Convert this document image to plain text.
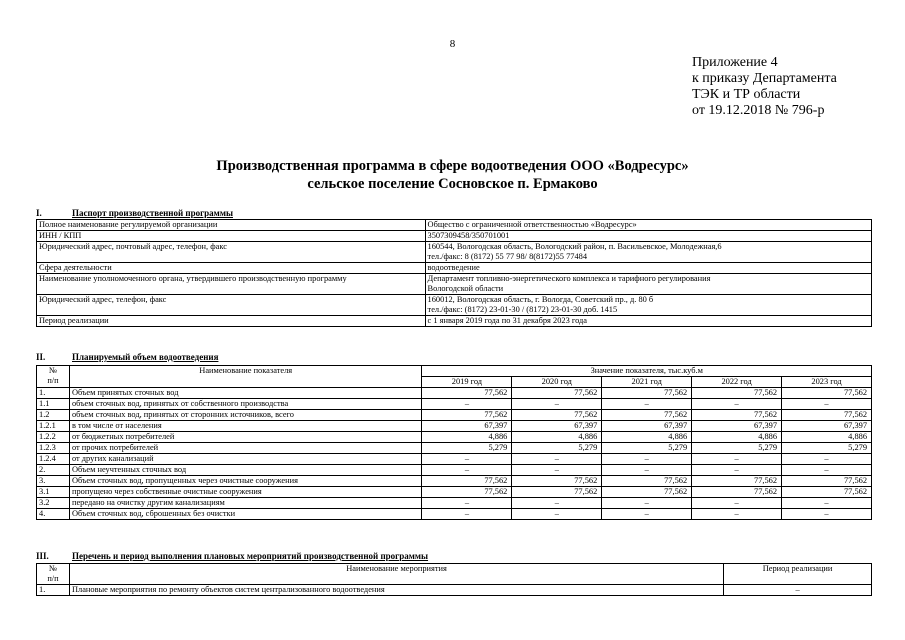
8
Приложение 4
к приказу Департамента
ТЭК и ТР области
от 19.12.2018 № 796-р
Производственная программа в сфере водоотведения ООО «Водресурс»
сельское поселение Сосновское п. Ермаково
I.	Паспорт производственной программы
Полное наименование регулируемой организации	Общество с ограниченной ответственностью «Водресурс»

ИНН / КПП	3507309458/350701001

Юридический адрес, почтовый адрес, телефон, факс	160544, Вологодская область, Вологодский район, п. Васильевское, Молодежная,6
тел./факс: 8 (8172) 55 77 98/ 8(8172)55 77484

Сфера деятельности	водоотведение

Наименование уполномоченного органа, утвердившего производственную программу	Департамент топливно-энергетического комплекса и тарифного регулирования
Вологодской области

Юридический адрес, телефон, факс	160012, Вологодская область, г. Вологда, Советский пр., д. 80 б
тел./факс: (8172) 23-01-30 / (8172) 23-01-30 доб. 1415

Период реализации	с 1 января 2019 года по 31 декабря 2023 года
II.	Планируемый объем водоотведения
№
п/п	Наименование показателя	Значение показателя, тыс.куб.м				
		2019 год	2020 год	2021 год	2022 год	2023 год
1.	Объем принятых сточных вод	77,562	77,562	77,562	77,562	77,562
1.1	объем сточных вод, принятых от собственного производства	–	–	–	–	–
1.2	объем сточных вод, принятых от сторонних источников, всего	77,562	77,562	77,562	77,562	77,562
1.2.1	в том числе от населения	67,397	67,397	67,397	67,397	67,397
1.2.2	от бюджетных потребителей	4,886	4,886	4,886	4,886	4,886
1.2.3	от прочих потребителей	5,279	5,279	5,279	5,279	5,279
1.2.4	от других канализаций	–	–	–	–	–
2.	Объем неучтенных сточных вод	–	–	–	–	–
3.	Объем сточных вод, пропущенных через очистные сооружения	77,562	77,562	77,562	77,562	77,562
3.1	пропущено через собственные очистные сооружения	77,562	77,562	77,562	77,562	77,562
3.2	передано на очистку другим канализациям	–	–	–	–	–
4.	Объем сточных вод, сброшенных без очистки	–	–	–	–	–
III.	Перечень и период выполнения плановых мероприятий производственной программы
№
п/п	Наименование мероприятия	Период реализации
1.	Плановые мероприятия по ремонту объектов систем централизованного водоотведения	–
